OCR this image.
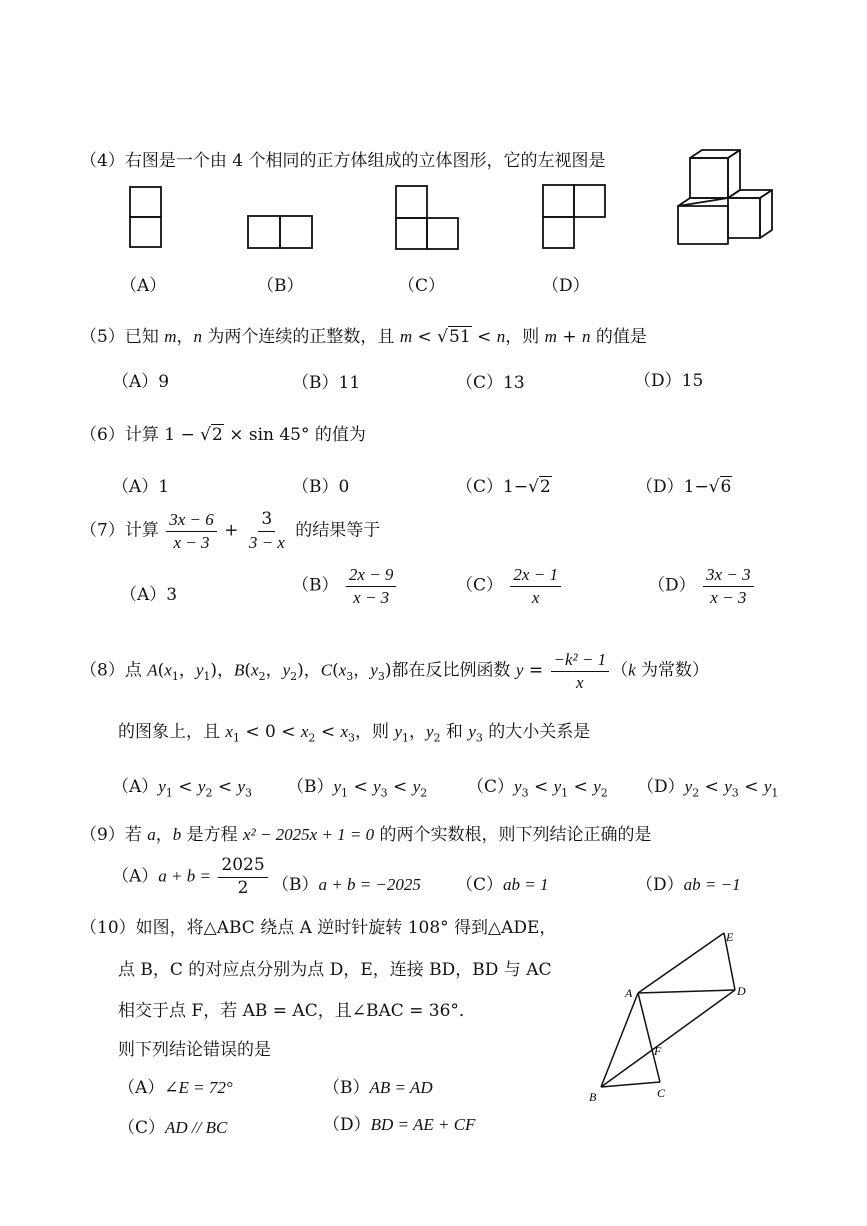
（4）右图是一个由 4 个相同的正方体组成的立体图形，它的左视图是
（A）	（B）	（C）	（D）
（5）已知 m，n 为两个连续的正整数，且 m < √51 < n，则 m + n 的值是
（A）9	（B）11	（C）13	（D）15
（6）计算 1 − √2 × sin 45° 的值为
（A）1	（B）0	（C）1−√2	（D）1−√6
（7）计算 $\frac{3x - 6}{x - 3} + \frac{3}{3 - x}$ 的结果等于
（A）3	$(B) \frac{2x - 9}{x - 3}$	$(C) \frac{2x - 1}{x}$	$(D) \frac{3x - 3}{x - 3}$
（8）点 $A(x_1$，$y_1$)，$B(x_2$，$y_2$)，$C(x_3$，$y_3$)都在反比例函数 $y = \frac{\text{−k² − 1}}{x} (k$ 为常数）
的图象上，且 $x_1 < 0 < x_2 < x_3$，则 $y_1$，$y_2$ 和 $y_3$ 的大小关系是
$(A)y_1 < y_2 < y_3$ $(B)y_1 < y_3 < y_2$ $(C)y_3 < y_1 < y_2$ $(D)y_2 < y_3 < y_1$
（9）若 a，b 是方程 x² − 2025x + 1 = 0 的两个实数根，则下列结论正确的是
$(A)a + b = \frac{2025}{2} (B)a + b = -2025$ （C）ab = 1	（D）ab = −1
（10）如图，将△ABC 绕点 A 逆时针旋转 108° 得到△ADE，
点 B，C 的对应点分别为点 D，E，连接 BD，BD 与 AC
相交于点 F，若 AB = AC，且∠BAC = 36°．
则下列结论错误的是
（A）∠E = 72°	（B）AB = AD
（C）AD // BC	（D）BD = AE + CF
A
B	C
D
E
F
